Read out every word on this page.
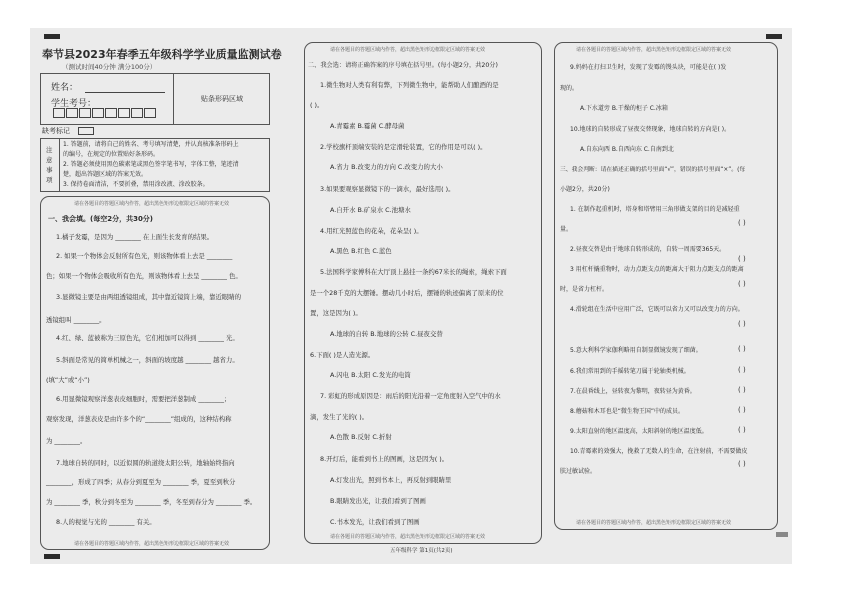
奉节县2023年春季五年级科学学业质量监测试卷
（测试时间40分钟 满分100分）
姓名：
学生考号：	贴条形码区域
缺考标记
注
意
事
项
1. 答题前，请将自己的姓名、考号填写清楚，并认真核准条形码上
的编号，在规定的位置贴好条形码。
2. 答题必须使用黑色碳素笔或黑色签字笔书写，字体工整，笔迹清
楚，超出答题区域的答案无效。
3. 保持卷面清洁，不要折叠，禁用涂改液、涂改胶条。
请在各题目的答题区域内作答，超出黑色矩形边框限定区域的答案无效
请在各题目的答题区域内作答，超出黑色矩形边框限定区域的答案无效
一、我会填。(每空2分，共30分)
1.橘子发霉，是因为 ________ 在上面生长发育的结果。
2. 如果一个物体会反射所有色光，则该物体看上去是 ________
色；如果一个物体会吸收所有色光，则该物体看上去呈 ________ 色。
3.显微镜主要是由两组透镜组成，其中靠近镜筒上端，靠近眼睛的
透镜组叫 ________。
4.红、绿、蓝被称为三原色光，它们相加可以得到 ________ 光。
5.斜面是常见的简单机械之一，斜面的坡度越 ________ 越省力。
(填“大”或“小”)
6.用显微镜观察洋葱表皮细胞时，需要把洋葱制成 ________；
观察发现，洋葱表皮是由许多个的“________”组成的，这种结构称
为 ________。
7.地球自转的同时，以近似圆的轨道绕太阳公转，地轴始终指向
________，形成了四季；从春分到夏至为 ________ 季，夏至到秋分
为 ________ 季，秋分到冬至为 ________ 季，冬至到春分为 ________ 季。
8.人的视觉与光的 ________ 有关。
请在各题目的答题区域内作答，超出黑色矩形边框限定区域的答案无效
请在各题目的答题区域内作答，超出黑色矩形边框限定区域的答案无效
二、我会选：请将正确答案的序号填在括号里。(每小题2分，共20分)
1.微生物对人类有利有弊，下列微生物中，能帮助人们酿酒的是
( )。
A.青霉素 B.霉菌 C.酵母菌
2.学校旗杆顶端安装的是定滑轮装置，它的作用是可以( )。
A.省力 B.改变力的方向 C.改变力的大小
3.如果要观察显微镜下的一滴水，最好选用( )。
A.自开水 B.矿泉水 C.池塘水
4.用红光照蓝色的花朵，花朵呈( )。
A.黑色 B.红色 C.蓝色
5.法国科学家傅科在大厅顶上悬挂一条约67米长的绳索，绳索下面
是一个28千克的大摆锤。摆动几小时后，摆锤的轨迹偏离了原来的位
置，这是因为( )。
A.地球的自转 B.地球的公转 C.昼夜交替
6.下面( )是人造光源。
A.闪电 B.太阳 C.发光的电筒
7. 彩虹的形成原因是：雨后的阳光沿着一定角度射入空气中的水
滴，发生了光的( )。
A.色散 B.反射 C.折射
8.开灯后，能看到书上的图画，这是因为( )。
A.灯发出光，照到书本上，再反射到眼睛里
B.眼睛发出光，让我们看到了图画
C.书本发光，让我们看到了图画
五年级科学 第1页(共2页)
请在各题目的答题区域内作答，超出黑色矩形边框限定区域的答案无效
请在各题目的答题区域内作答，超出黑色矩形边框限定区域的答案无效
9.妈妈在打扫卫生时，发现了发霉的馒头块，可能是在( )发
现的。
A.下水道旁 B.干燥的柜子 C.冰箱
10.地球的自转形成了昼夜交替现象，地球自转的方向是( )。
A.自东向西 B.自西向东 C.自南到北
三、我会判断：请在描述正确的括号里面“√”，错误的括号里面“×”。(每
小题2分，共20分)
1. 在制作起重机时，塔身和塔臂用三角形做支架的目的是减轻重
量。
2.昼夜交替是由于地球自转形成的，自转一周需要365天。
3 用杠杆撬重物时，动力点距支点的距离大于阻力点距支点的距离
时，是省力杠杆。
4.滑轮组在生活中应用广泛，它既可以省力又可以改变力的方向。
5.意大利科学家伽利略用自制显微镜发现了细菌。
6.我们常用到的手摇转笔刀属于轮轴类机械。
7.在晨昏线上，昼转夜为黎明，夜转昼为黄昏。
8.蘑菇和木耳也是“微生物王国”中的成员。
9.太阳直射的地区温度高，太阳斜射的地区温度低。
10.青霉素的效强大，挽救了无数人的生命，在注射前，不需要做皮
肤过敏试验。
( )
( )
( )
( )
( )
( )
( )
( )
( )
( )
